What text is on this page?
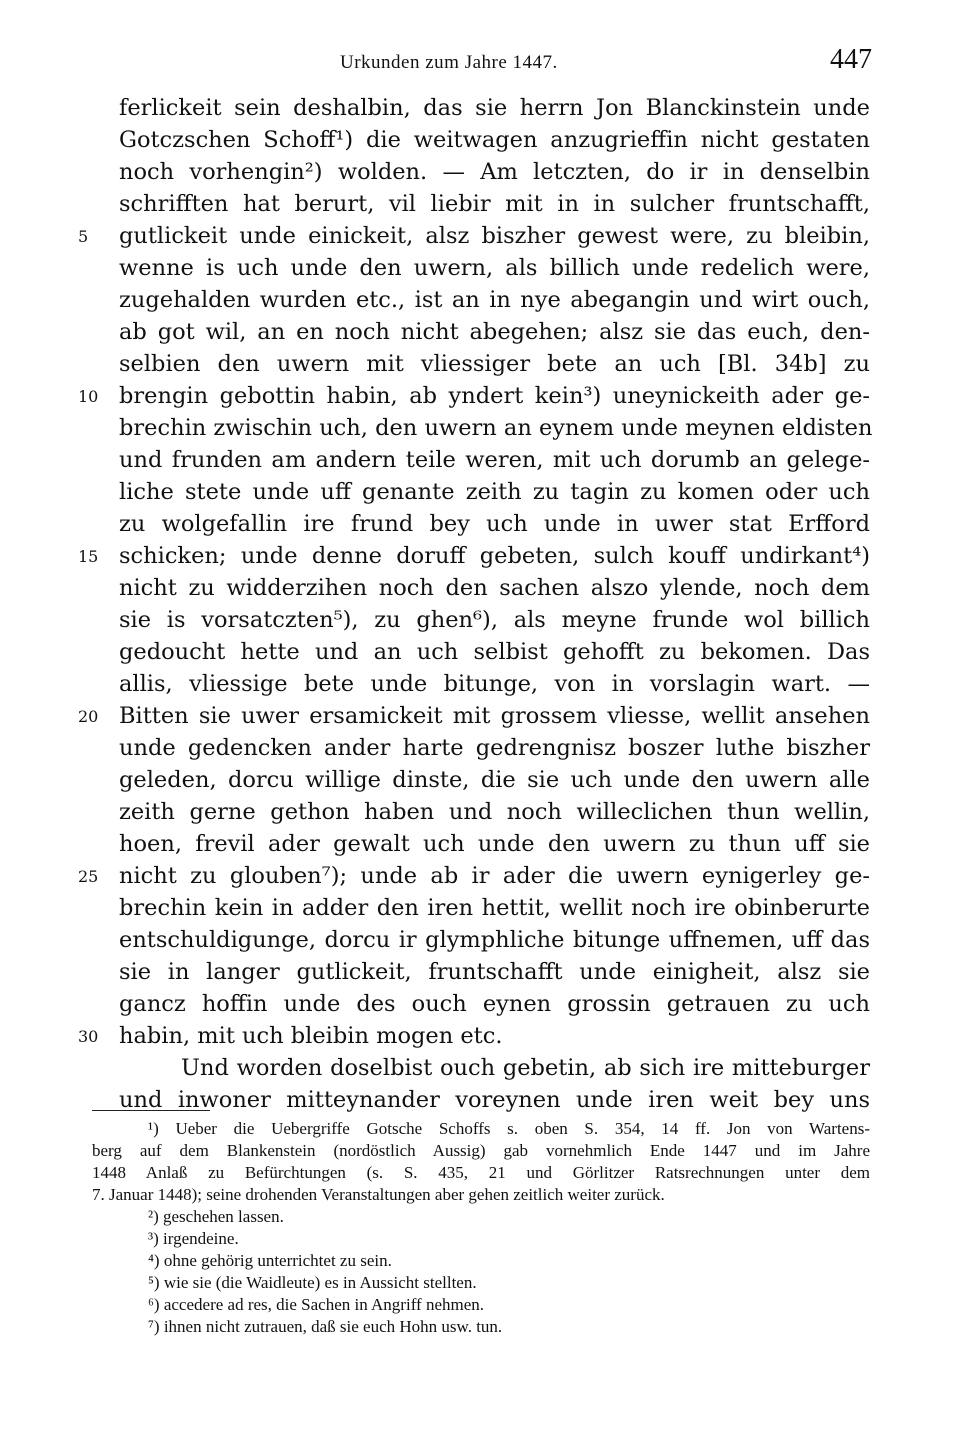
Urkunden zum Jahre 1447.	447
ferlickeit sein deshalbin, das sie herrn Jon Blanckinstein unde
Gotczschen Schoff¹) die weitwagen anzugrieffin nicht gestaten
noch vorhengin²) wolden. — Am letczten, do ir in denselbin
schrifften hat berurt, vil liebir mit in in sulcher fruntschafft,
5	gutlickeit unde einickeit, alsz biszher gewest were, zu bleibin,
wenne is uch unde den uwern, als billich unde redelich were,
zugehalden wurden etc., ist an in nye abegangin und wirt ouch,
ab got wil, an en noch nicht abegehen; alsz sie das euch, den-
selbien den uwern mit vliessiger bete an uch [Bl. 34b] zu
10 brengin gebottin habin, ab yndert kein³) uneynickeith ader ge-
brechin zwischin uch, den uwern an eynem unde meynen eldisten
und frunden am andern teile weren, mit uch dorumb an gelege-
liche stete unde uff genante zeith zu tagin zu komen oder uch
zu wolgefallin ire frund bey uch unde in uwer stat Erfford
15 schicken; unde denne doruff gebeten, sulch kouff undirkant⁴)
nicht zu widderzihen noch den sachen alszo ylende, noch dem
sie is vorsatczten⁵), zu ghen⁶), als meyne frunde wol billich
gedoucht hette und an uch selbist gehofft zu bekomen. Das
allis, vliessige bete unde bitunge, von in vorslagin wart. —
20 Bitten sie uwer ersamickeit mit grossem vliesse, wellit ansehen
unde gedencken ander harte gedrengnisz boszer luthe biszher
geleden, dorcu willige dinste, die sie uch unde den uwern alle
zeith gerne gethon haben und noch willeclichen thun wellin,
hoen, frevil ader gewalt uch unde den uwern zu thun uff sie
25 nicht zu glouben⁷); unde ab ir ader die uwern eynigerley ge-
brechin kein in adder den iren hettit, wellit noch ire obinberurte
entschuldigunge, dorcu ir glymphliche bitunge uffnemen, uff das
sie in langer gutlickeit, fruntschafft unde einigheit, alsz sie
gancz hoffin unde des ouch eynen grossin getrauen zu uch
30 habin, mit uch bleibin mogen etc.
Und worden doselbist ouch gebetin, ab sich ire mitteburger
und inwoner mitteynander voreynen unde iren weit bey uns
¹) Ueber die Uebergriffe Gotsche Schoffs s. oben S. 354, 14 ff. Jon von Wartens-
berg auf dem Blankenstein (nordöstlich Aussig) gab vornehmlich Ende 1447 und im Jahre
1448 Anlaß zu Befürchtungen (s. S. 435, 21 und Görlitzer Ratsrechnungen unter dem
7. Januar 1448); seine drohenden Veranstaltungen aber gehen zeitlich weiter zurück.
²) geschehen lassen.
³) irgendeine.
⁴) ohne gehörig unterrichtet zu sein.
⁵) wie sie (die Waidleute) es in Aussicht stellten.
⁶) accedere ad res, die Sachen in Angriff nehmen.
⁷) ihnen nicht zutrauen, daß sie euch Hohn usw. tun.
